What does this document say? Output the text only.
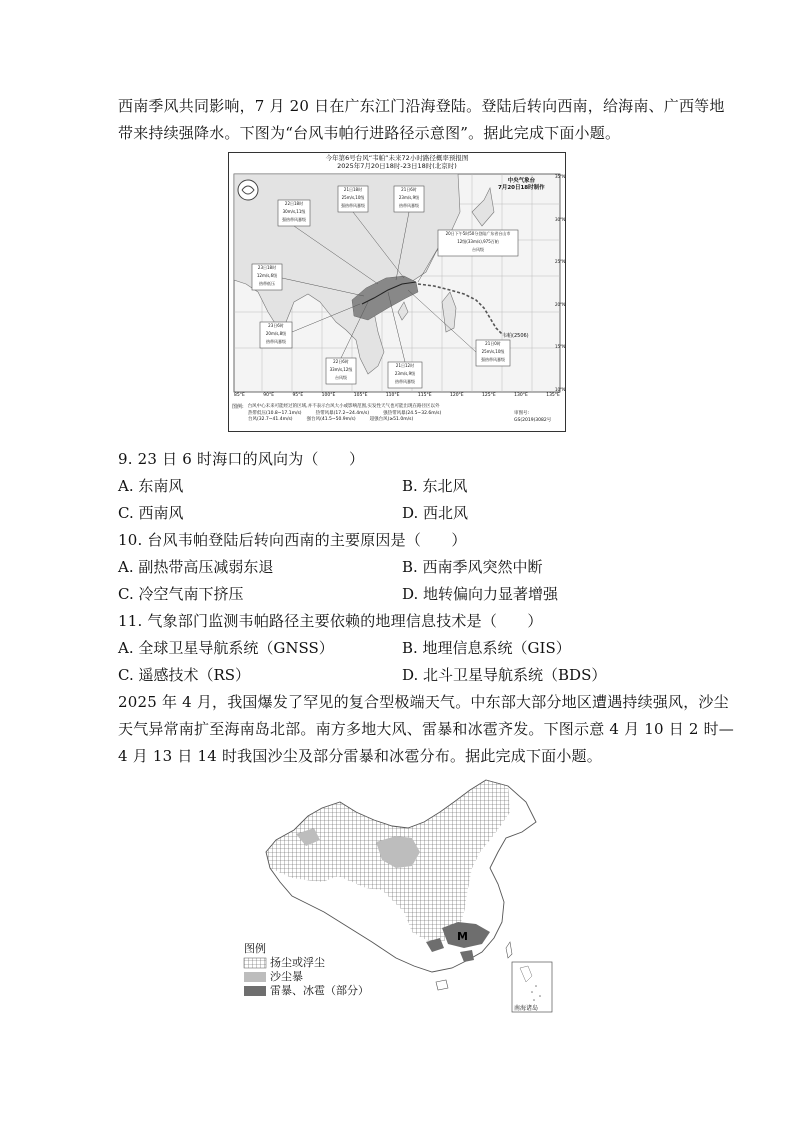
西南季风共同影响，7 月 20 日在广东江门沿海登陆。登陆后转向西南，给海南、广西等地
带来持续强降水。下图为“台风韦帕行进路径示意图”。据此完成下面小题。
今年第6号台风“韦帕”未来72小时路径概率预报图
2025年7月20日18时-23日18时(北京时)
中央气象台
7月20日18时制作
21日18时
25m/s,10级
强热带风暴级
21日6时
23m/s,9级
热带风暴级
22日18时
30m/s,11级
强热带风暴级
20日下午5时50分登陆广东省台山市
12级(33m/s),975百帕
台风级
23日18时
12m/s,6级
热带低压
23日6时
20m/s,8级
热带风暴级
22日6时
33m/s,12级
台风级
21日12时
23m/s,9级
热带风暴级
21日0时
25m/s,10级
强热带风暴级
韦帕(2506)
85°E	90°E	95°E	100°E	105°E	110°E	115°E	120°E	125°E	130°E	135°E
35°N
30°N
25°N
20°N
15°N
10°N
图例: 台风中心未来可能经过的区域,并不表示台风大小或影响范围,实发性天气也可能出现在路径区以外
热带低压(10.8~17.1m/s)	热带风暴(17.2~24.4m/s)	强热带风暴(24.5~32.6m/s)
台风(32.7~41.4m/s)	强台风(41.5~50.9m/s)	超强台风(≥51.0m/s)
审图号:
GS(2019)3082号
9. 23 日 6 时海口的风向为（　　）
A. 东南风	B. 东北风
C. 西南风	D. 西北风
10. 台风韦帕登陆后转向西南的主要原因是（　　）
A. 副热带高压减弱东退	B. 西南季风突然中断
C. 冷空气南下挤压	D. 地转偏向力显著增强
11. 气象部门监测韦帕路径主要依赖的地理信息技术是（　　）
A. 全球卫星导航系统（GNSS）	B. 地理信息系统（GIS）
C. 遥感技术（RS）	D. 北斗卫星导航系统（BDS）
2025 年 4 月，我国爆发了罕见的复合型极端天气。中东部大部分地区遭遇持续强风，沙尘
天气异常南扩至海南岛北部。南方多地大风、雷暴和冰雹齐发。下图示意 4 月 10 日 2 时—
4 月 13 日 14 时我国沙尘及部分雷暴和冰雹分布。据此完成下面小题。
图例
扬尘或浮尘
沙尘暴
雷暴、冰雹（部分）
M
南海诸岛
